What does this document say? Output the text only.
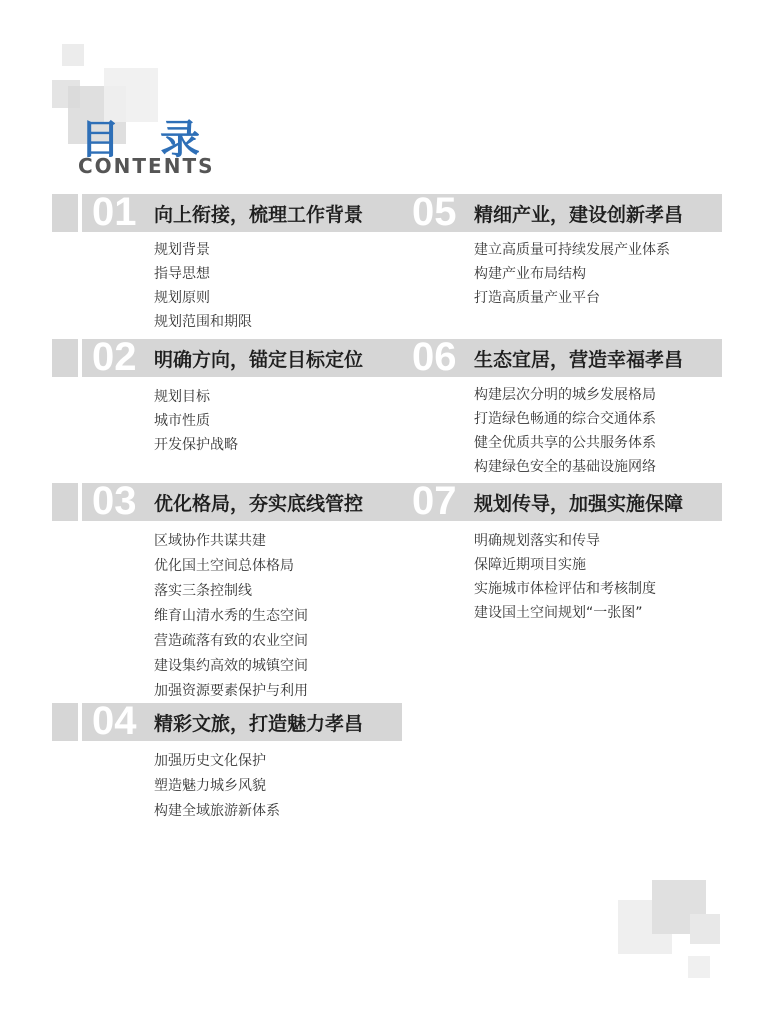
目 录
CONTENTS
01 向上衔接，梳理工作背景
规划背景
指导思想
规划原则
规划范围和期限
02 明确方向，锚定目标定位
规划目标
城市性质
开发保护战略
03 优化格局，夯实底线管控
区域协作共谋共建
优化国土空间总体格局
落实三条控制线
维育山清水秀的生态空间
营造疏落有致的农业空间
建设集约高效的城镇空间
加强资源要素保护与利用
04 精彩文旅，打造魅力孝昌
加强历史文化保护
塑造魅力城乡风貌
构建全域旅游新体系
05 精细产业，建设创新孝昌
建立高质量可持续发展产业体系
构建产业布局结构
打造高质量产业平台
06 生态宜居，营造幸福孝昌
构建层次分明的城乡发展格局
打造绿色畅通的综合交通体系
健全优质共享的公共服务体系
构建绿色安全的基础设施网络
07 规划传导，加强实施保障
明确规划落实和传导
保障近期项目实施
实施城市体检评估和考核制度
建设国土空间规划“一张图”
